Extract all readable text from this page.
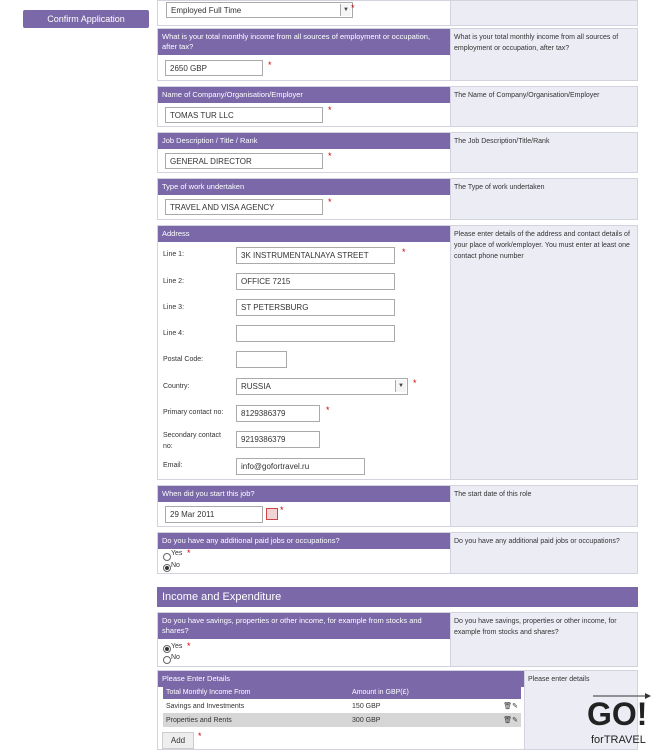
Confirm Application
Employed Full Time	▼ *
What is your total monthly income from all sources of employment or occupation, after tax?
2650 GBP	*
What is your total monthly income from all sources of employment or occupation, after tax?
Name of Company/Organisation/Employer
TOMAS TUR LLC
*
The Name of Company/Organisation/Employer
Job Description / Title / Rank
GENERAL DIRECTOR
*
The Job Description/Title/Rank
Type of work undertaken
TRAVEL AND VISA AGENCY
*
The Type of work undertaken
Address
Line 1:	3K INSTRUMENTALNAYA STREET	*
Line 2:	OFFICE 7215
Line 3:	ST PETERSBURG
Line 4:
Postal Code:
Country:	RUSSIA	▼ *
Primary contact no:	8129386379	*
Secondary contact no:
9219386379
Email:	info@gofortravel.ru
Please enter details of the address and contact details of your place of work/employer. You must enter at least one contact phone number
When did you start this job?
29 Mar 2011	*
The start date of this role
Do you have any additional paid jobs or occupations?
Yes *
No
Do you have any additional paid jobs or occupations?
Do you have savings, properties or other income, for example from stocks and shares?
Yes *
No
Do you have savings, properties or other income, for example from stocks and shares?
Please Enter Details	Please enter details
Income and Expenditure
Total Monthly Income From	Amount in GBP(£)	
Savings and Investments	150 GBP	🗑✎
Properties and Rents	300 GBP	🗑✎
Add	*
GO!
forTRAVEL
